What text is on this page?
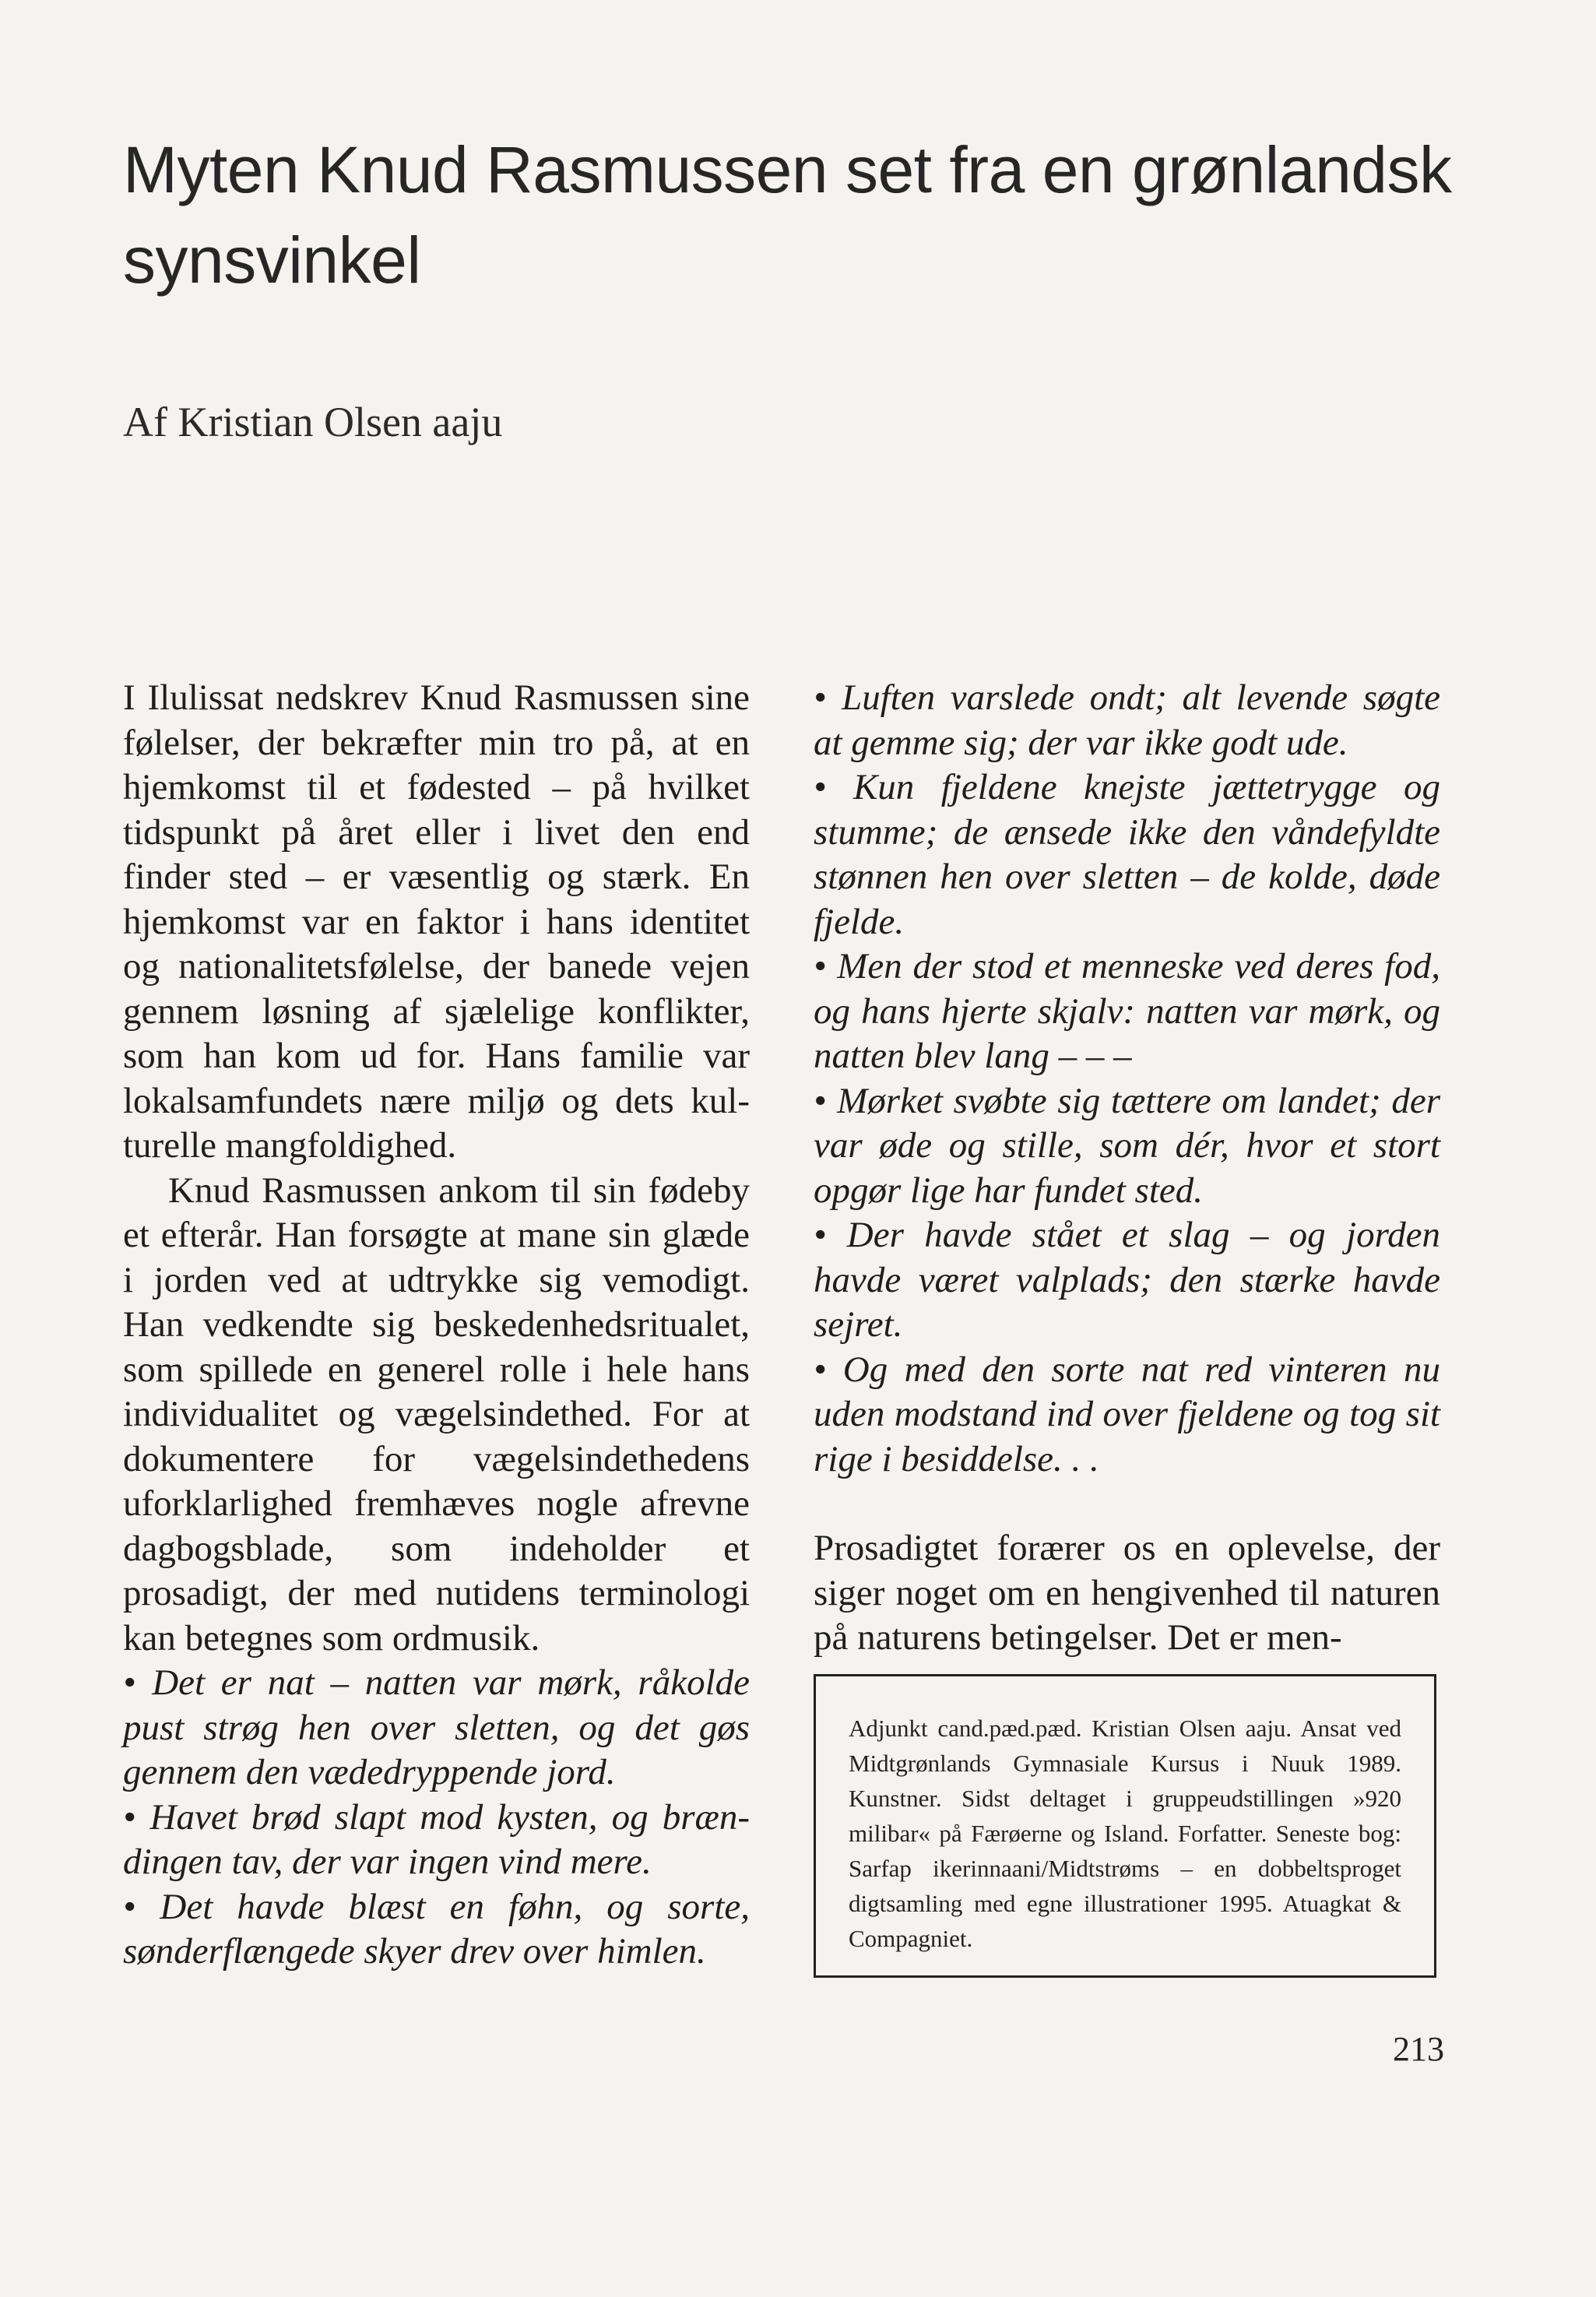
Myten Knud Rasmussen set fra en grønlandsk synsvinkel
Af Kristian Olsen aaju

I Ilulissat nedskrev Knud Rasmussen sine følelser, der bekræfter min tro på, at en hjemkomst til et fødested – på hvilket tidspunkt på året eller i livet den end finder sted – er væsentlig og stærk. En hjemkomst var en faktor i hans identitet og nationalitetsfølelse, der banede vejen gennem løsning af sjælelige konflikter, som han kom ud for. Hans familie var lokalsamfundets nære miljø og dets kulturelle mangfoldighed.

Knud Rasmussen ankom til sin fødeby et efterår. Han forsøgte at mane sin glæde i jorden ved at udtrykke sig vemodigt. Han vedkendte sig beskedenhedsritualet, som spillede en generel rolle i hele hans individualitet og vægelsindethed. For at dokumentere for vægelsindethedens uforklarlighed fremhæves nogle afrevne dagbogsblade, som indeholder et prosadigt, der med nutidens terminologi kan betegnes som ordmusik.

• Det er nat – natten var mørk, råkolde pust strøg hen over sletten, og det gøs gennem den vædedryppende jord.

• Havet brød slapt mod kysten, og brændingen tav, der var ingen vind mere.

• Det havde blæst en føhn, og sorte, sønderflængede skyer drev over himlen.

• Luften varslede ondt; alt levende søgte at gemme sig; der var ikke godt ude.

• Kun fjeldene knejste jættetrygge og stumme; de ænsede ikke den våndefyldte stønnen hen over sletten – de kolde, døde fjelde.

• Men der stod et menneske ved deres fod, og hans hjerte skjalv: natten var mørk, og natten blev lang – – –

• Mørket svøbte sig tættere om landet; der var øde og stille, som dér, hvor et stort opgør lige har fundet sted.

• Der havde stået et slag – og jorden havde været valplads; den stærke havde sejret.

• Og med den sorte nat red vinteren nu uden modstand ind over fjeldene og tog sit rige i besiddelse. . .

Prosadigtet forærer os en oplevelse, der siger noget om en hengivenhed til naturen på naturens betingelser. Det er men-

Adjunkt cand.pæd.pæd. Kristian Olsen aaju. Ansat ved Midtgrønlands Gymnasiale Kursus i Nuuk 1989. Kunstner. Sidst deltaget i gruppeudstillingen »920 milibar« på Færøerne og Island. Forfatter. Seneste bog: Sarfap ikerinnaani/Midtstrøms – en dobbeltsproget digtsamling med egne illustrationer 1995. Atuagkat & Compagniet.
213
